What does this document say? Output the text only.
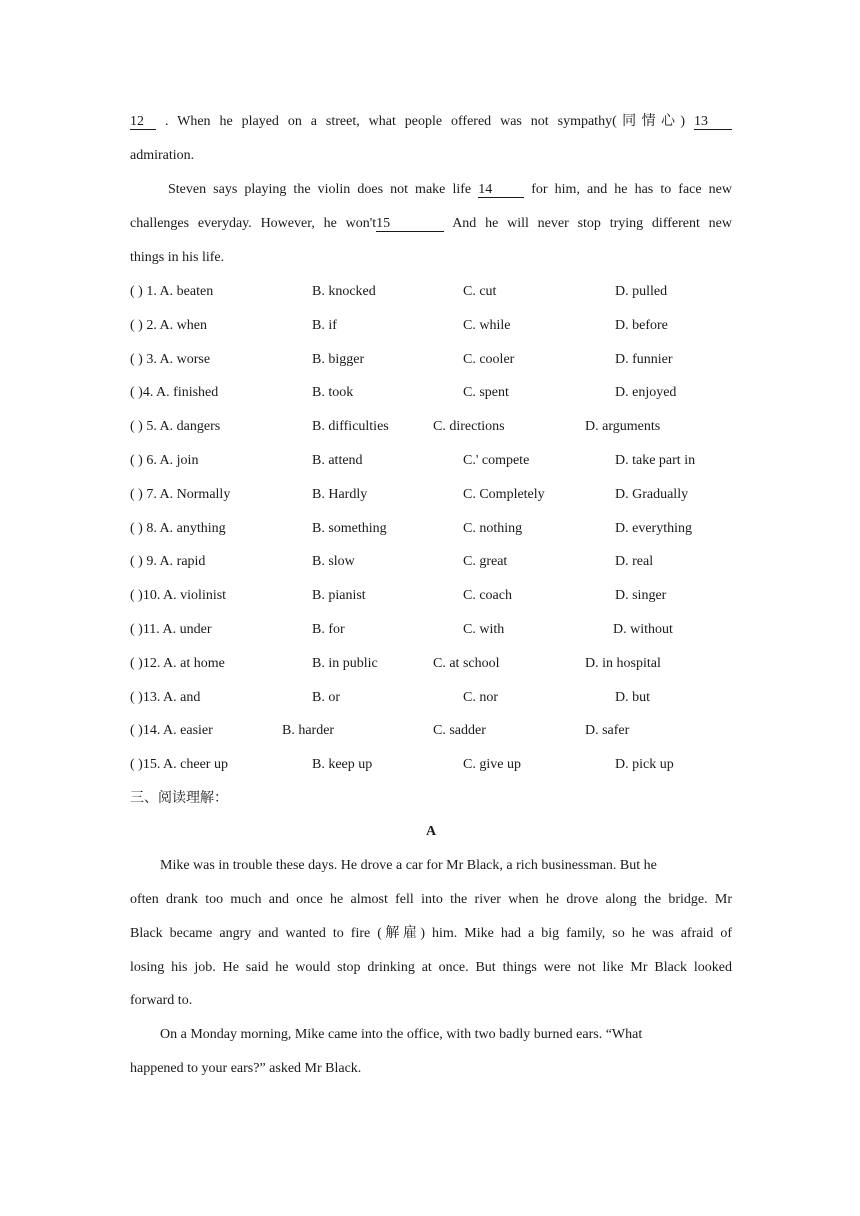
12 . When he played on a street, what people offered was not sympathy(同情心) 13
admiration.
Steven says playing the violin does not make life 14	for him, and he has to face new
challenges everyday. However, he won't15	And he will never stop trying different new
things in his life.
( ) 1. A. beaten	B. knocked	C. cut	D. pulled
( ) 2. A. when	B. if	C. while	D. before
( ) 3. A. worse	B. bigger	C. cooler	D. funnier
( )4. A. finished	B. took	C. spent	D. enjoyed
( ) 5. A. dangers	B. difficulties	C. directions	D. arguments
( ) 6. A. join	B. attend	C.' compete	D. take part in
( ) 7. A. Normally	B. Hardly	C. Completely	D. Gradually
( ) 8. A. anything	B. something	C. nothing	D. everything
( ) 9. A. rapid	B. slow	C. great	D. real
( )10. A. violinist	B. pianist	C. coach	D. singer
( )11. A. under	B. for	C. with	D. without
( )12. A. at home	B. in public	C. at school	D. in hospital
( )13. A. and	B. or	C. nor	D. but
( )14. A. easier	B. harder	C. sadder	D. safer
( )15. A. cheer up	B. keep up	C. give up	D. pick up
三、阅读理解：
A
Mike was in trouble these days. He drove a car for Mr Black, a rich businessman. But he
often drank too much and once he almost fell into the river when he drove along the bridge. Mr
Black became angry and wanted to fire (解雇) him. Mike had a big family, so he was afraid of
losing his job. He said he would stop drinking at once. But things were not like Mr Black looked
forward to.
On a Monday morning, Mike came into the office, with two badly burned ears. “What
happened to your ears?” asked Mr Black.
